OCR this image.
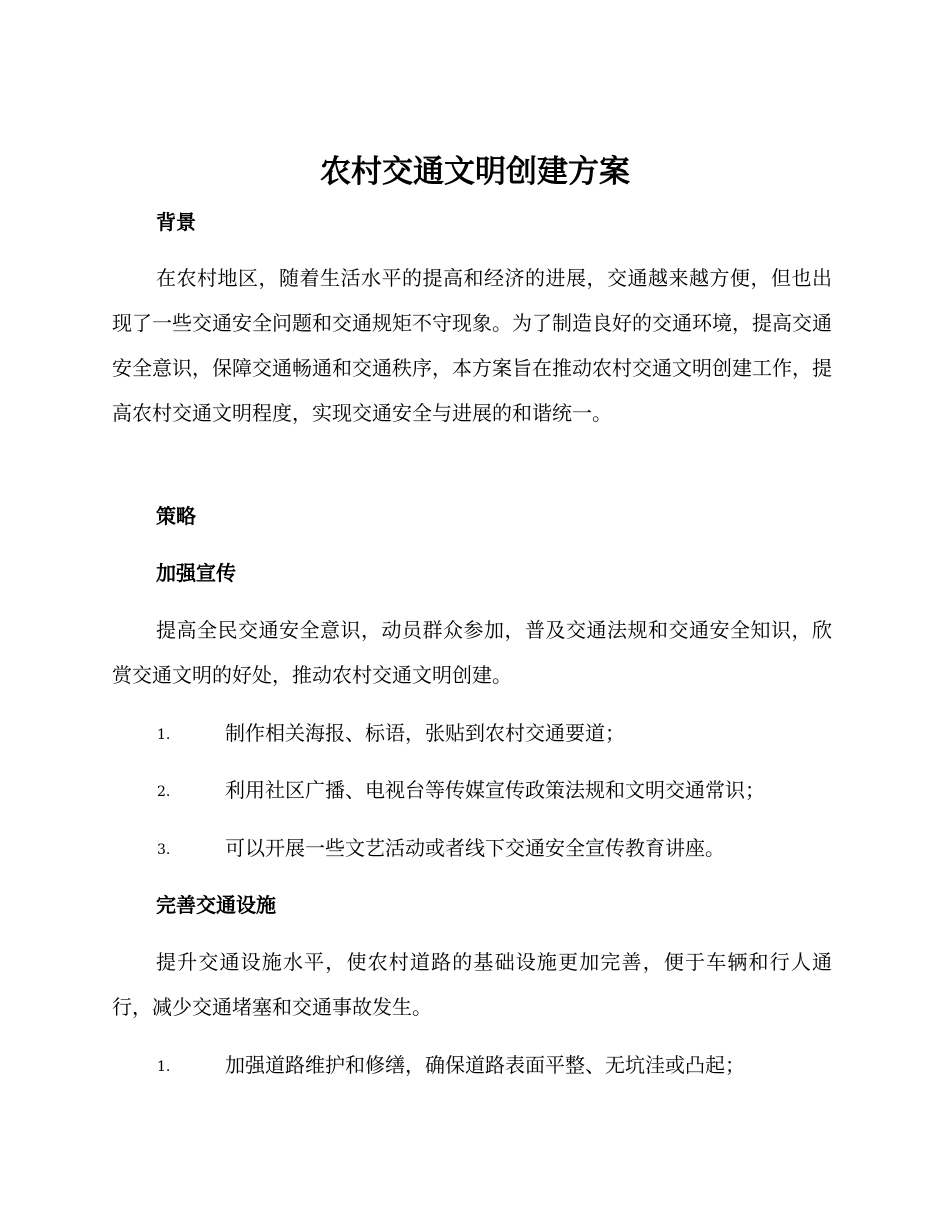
农村交通文明创建方案
背景

在农村地区，随着生活水平的提高和经济的进展，交通越来越方便，但也出现了一些交通安全问题和交通规矩不守现象。为了制造良好的交通环境，提高交通安全意识，保障交通畅通和交通秩序，本方案旨在推动农村交通文明创建工作，提高农村交通文明程度，实现交通安全与进展的和谐统一。

策略
加强宣传

提高全民交通安全意识，动员群众参加，普及交通法规和交通安全知识，欣赏交通文明的好处，推动农村交通文明创建。

1.	制作相关海报、标语，张贴到农村交通要道；
2.	利用社区广播、电视台等传媒宣传政策法规和文明交通常识；
3.	可以开展一些文艺活动或者线下交通安全宣传教育讲座。
完善交通设施

提升交通设施水平，使农村道路的基础设施更加完善，便于车辆和行人通行，减少交通堵塞和交通事故发生。

1.	加强道路维护和修缮，确保道路表面平整、无坑洼或凸起；
